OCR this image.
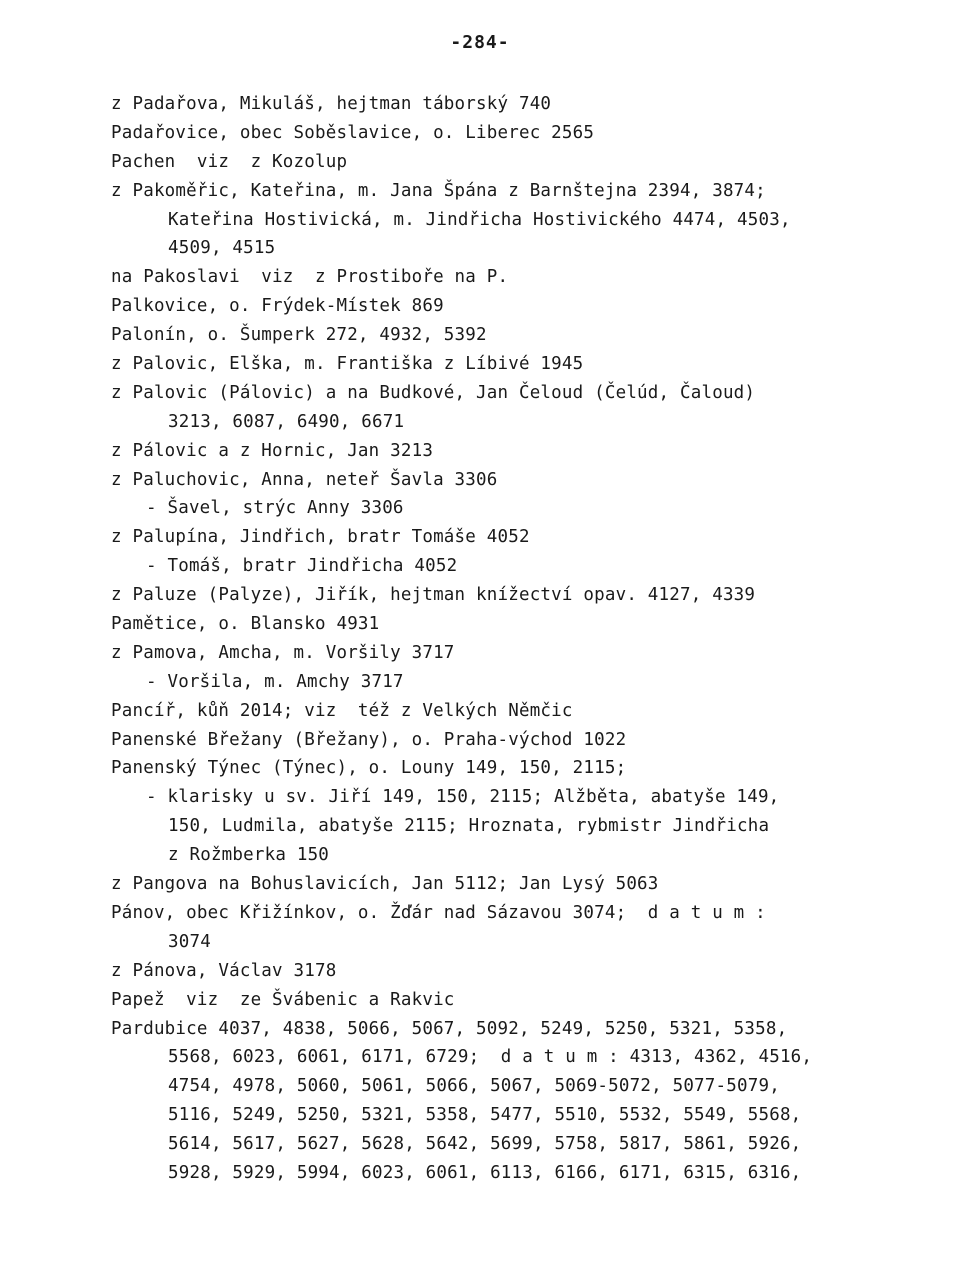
-284-
z Padařova, Mikuláš, hejtman táborský 740
Padařovice, obec Soběslavice, o. Liberec 2565
Pachen  viz  z Kozolup
z Pakoměřic, Kateřina, m. Jana Špána z Barnštejna 2394, 3874;
Kateřina Hostivická, m. Jindřicha Hostivického 4474, 4503,
4509, 4515
na Pakoslavi  viz  z Prostiboře na P.
Palkovice, o. Frýdek-Místek 869
Palonín, o. Šumperk 272, 4932, 5392
z Palovic, Elška, m. Františka z Líbivé 1945
z Palovic (Pálovic) a na Budkové, Jan Čeloud (Čelúd, Čaloud)
3213, 6087, 6490, 6671
z Pálovic a z Hornic, Jan 3213
z Paluchovic, Anna, neteř Šavla 3306
- Šavel, strýc Anny 3306
z Palupína, Jindřich, bratr Tomáše 4052
- Tomáš, bratr Jindřicha 4052
z Paluze (Palyze), Jiřík, hejtman knížectví opav. 4127, 4339
Pamětice, o. Blansko 4931
z Pamova, Amcha, m. Voršily 3717
- Voršila, m. Amchy 3717
Pancíř, kůň 2014; viz  též z Velkých Němčic
Panenské Břežany (Břežany), o. Praha-východ 1022
Panenský Týnec (Týnec), o. Louny 149, 150, 2115;
- klarisky u sv. Jiří 149, 150, 2115; Alžběta, abatyše 149,
150, Ludmila, abatyše 2115; Hroznata, rybmistr Jindřicha
z Rožmberka 150
z Pangova na Bohuslavicích, Jan 5112; Jan Lysý 5063
Pánov, obec Křižínkov, o. Žďár nad Sázavou 3074;  d a t u m :
3074
z Pánova, Václav 3178
Papež  viz  ze Švábenic a Rakvic
Pardubice 4037, 4838, 5066, 5067, 5092, 5249, 5250, 5321, 5358,
5568, 6023, 6061, 6171, 6729;  d a t u m : 4313, 4362, 4516,
4754, 4978, 5060, 5061, 5066, 5067, 5069-5072, 5077-5079,
5116, 5249, 5250, 5321, 5358, 5477, 5510, 5532, 5549, 5568,
5614, 5617, 5627, 5628, 5642, 5699, 5758, 5817, 5861, 5926,
5928, 5929, 5994, 6023, 6061, 6113, 6166, 6171, 6315, 6316,
